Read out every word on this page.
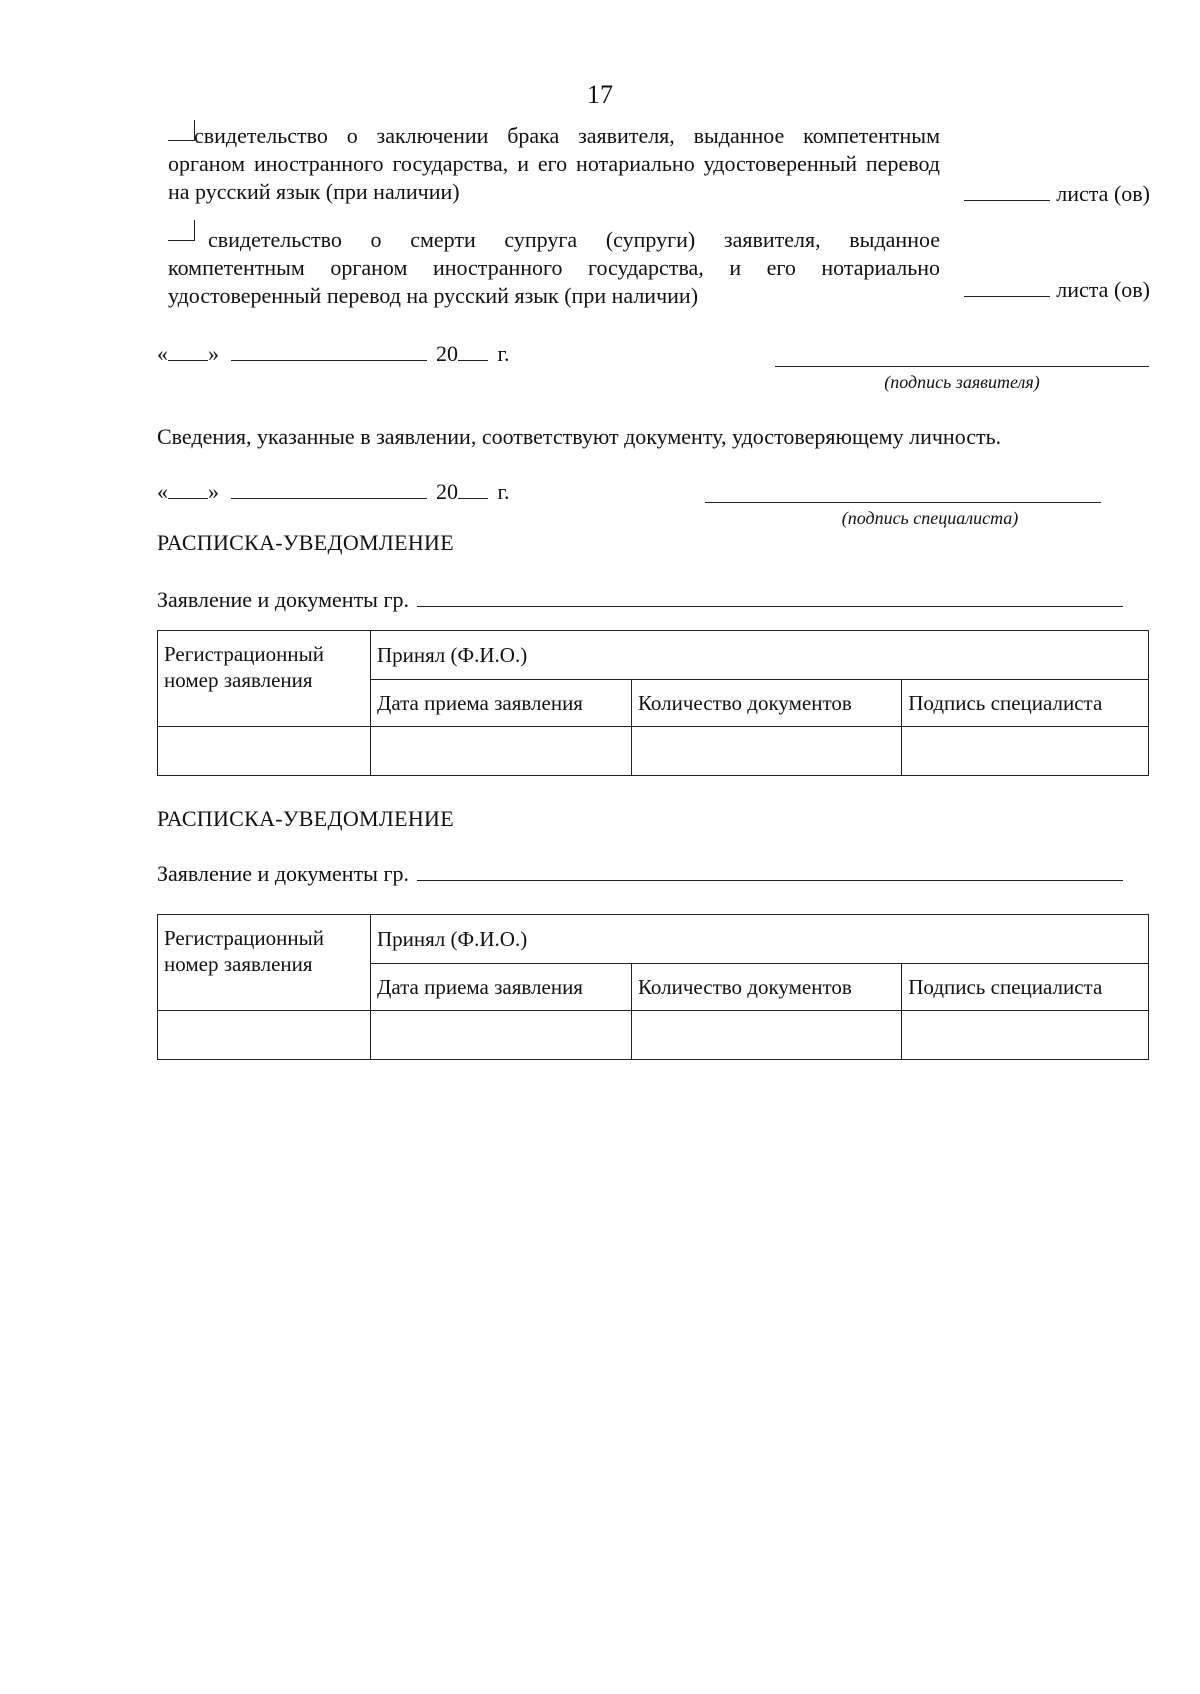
17
свидетельство о заключении брака заявителя, выданное компетентным органом иностранного государства, и его нотариально удостоверенный перевод на русский язык (при наличии)	листа (ов)
свидетельство о смерти супруга (супруги) заявителя, выданное компетентным органом иностранного государства, и его нотариально удостоверенный перевод на русский язык (при наличии)	листа (ов)
« »	20 г.
(подпись заявителя)
Сведения, указанные в заявлении, соответствуют документу, удостоверяющему личность.
« »	20 г.
(подпись специалиста)
РАСПИСКА-УВЕДОМЛЕНИЕ
Заявление и документы гр.
Регистрационный номер заявления	Принял (Ф.И.О.)		
	Дата приема заявления	Количество документов	Подпись специалиста

РАСПИСКА-УВЕДОМЛЕНИЕ
Заявление и документы гр.
Регистрационный номер заявления	Принял (Ф.И.О.)		
	Дата приема заявления	Количество документов	Подпись специалиста
